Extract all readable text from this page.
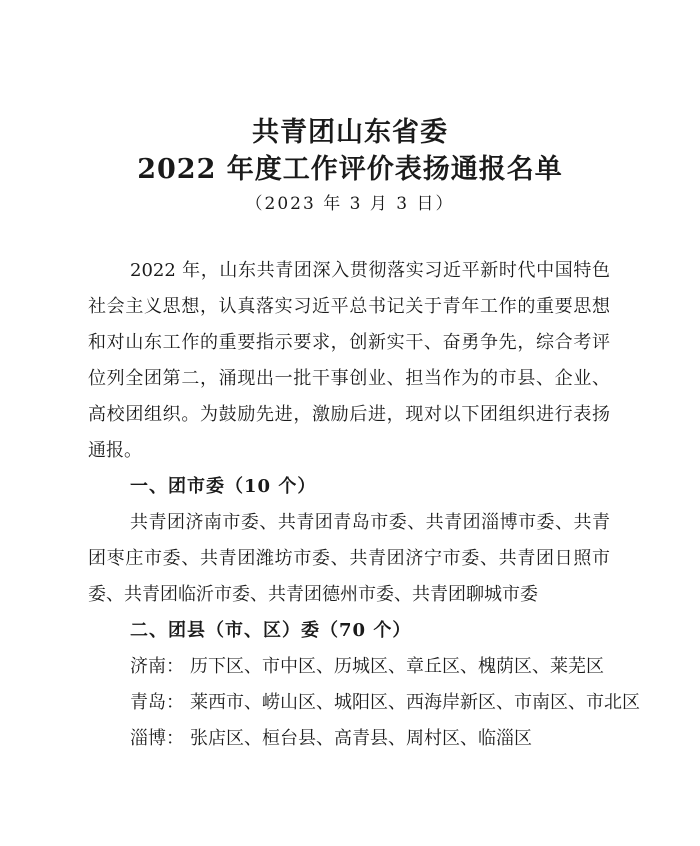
共青团山东省委
2022 年度工作评价表扬通报名单
（2023 年 3 月 3 日）
2022 年，山东共青团深入贯彻落实习近平新时代中国特色
社会主义思想，认真落实习近平总书记关于青年工作的重要思想
和对山东工作的重要指示要求，创新实干、奋勇争先，综合考评
位列全团第二，涌现出一批干事创业、担当作为的市县、企业、
高校团组织。为鼓励先进，激励后进，现对以下团组织进行表扬
通报。
一、团市委（10 个）
共青团济南市委、共青团青岛市委、共青团淄博市委、共青
团枣庄市委、共青团潍坊市委、共青团济宁市委、共青团日照市
委、共青团临沂市委、共青团德州市委、共青团聊城市委
二、团县（市、区）委（70 个）
济南： 历下区、市中区、历城区、章丘区、槐荫区、莱芜区
青岛： 莱西市、崂山区、城阳区、西海岸新区、市南区、市北区
淄博： 张店区、桓台县、高青县、周村区、临淄区
